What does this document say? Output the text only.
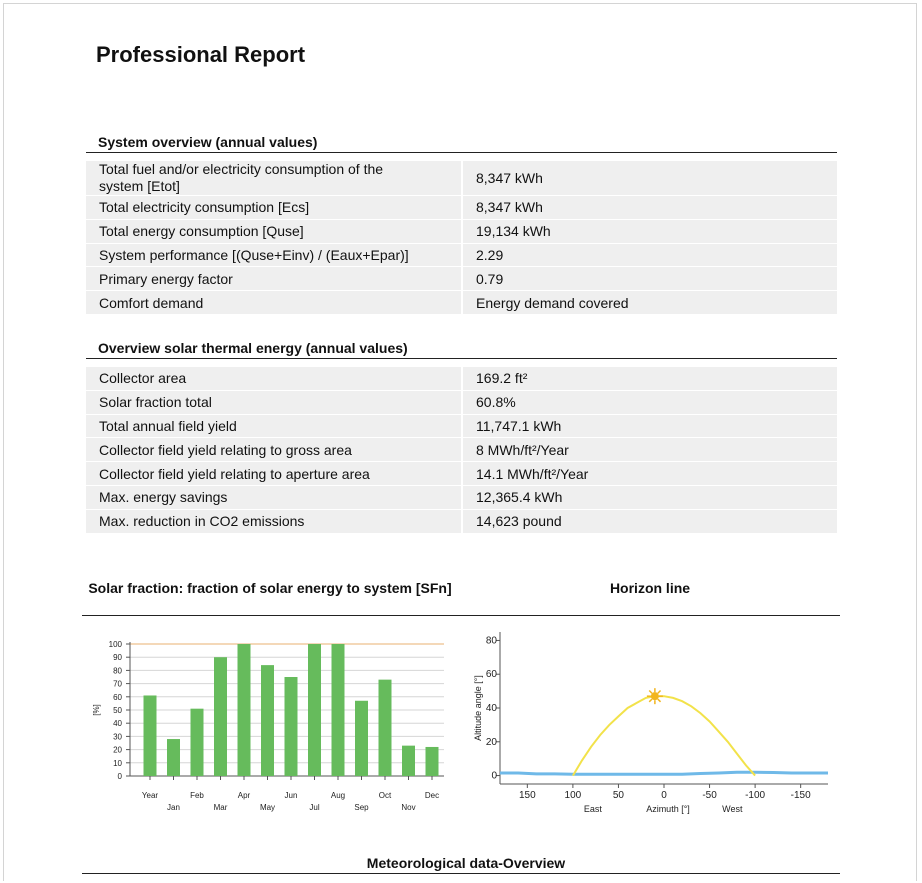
Professional Report
System overview (annual values)
Total fuel and/or electricity consumption of the system [Etot]	8,347 kWh
Total electricity consumption [Ecs]	8,347 kWh
Total energy consumption [Quse]	19,134 kWh
System performance [(Quse+Einv) / (Eaux+Epar)]	2.29
Primary energy factor	0.79
Comfort demand	Energy demand covered
Overview solar thermal energy (annual values)
Collector area	169.2 ft²
Solar fraction total	60.8%
Total annual field yield	11,747.1 kWh
Collector field yield relating to gross area	8 MWh/ft²/Year
Collector field yield relating to aperture area	14.1 MWh/ft²/Year
Max. energy savings	12,365.4 kWh
Max. reduction in CO2 emissions	14,623 pound
Solar fraction: fraction of solar energy to system [SFn]	Horizon line
0
10
20
30
40
50
60
70
80
90
100
[%]
Year
Jan
Feb
Mar
Apr
May
Jun
Jul
Aug
Sep
Oct
Nov
Dec
0
20
40
60
80
150	100	50	0	-50	-100	-150
Azimuth [°]
Altitude angle [°]
East	West
Meteorological data-Overview
